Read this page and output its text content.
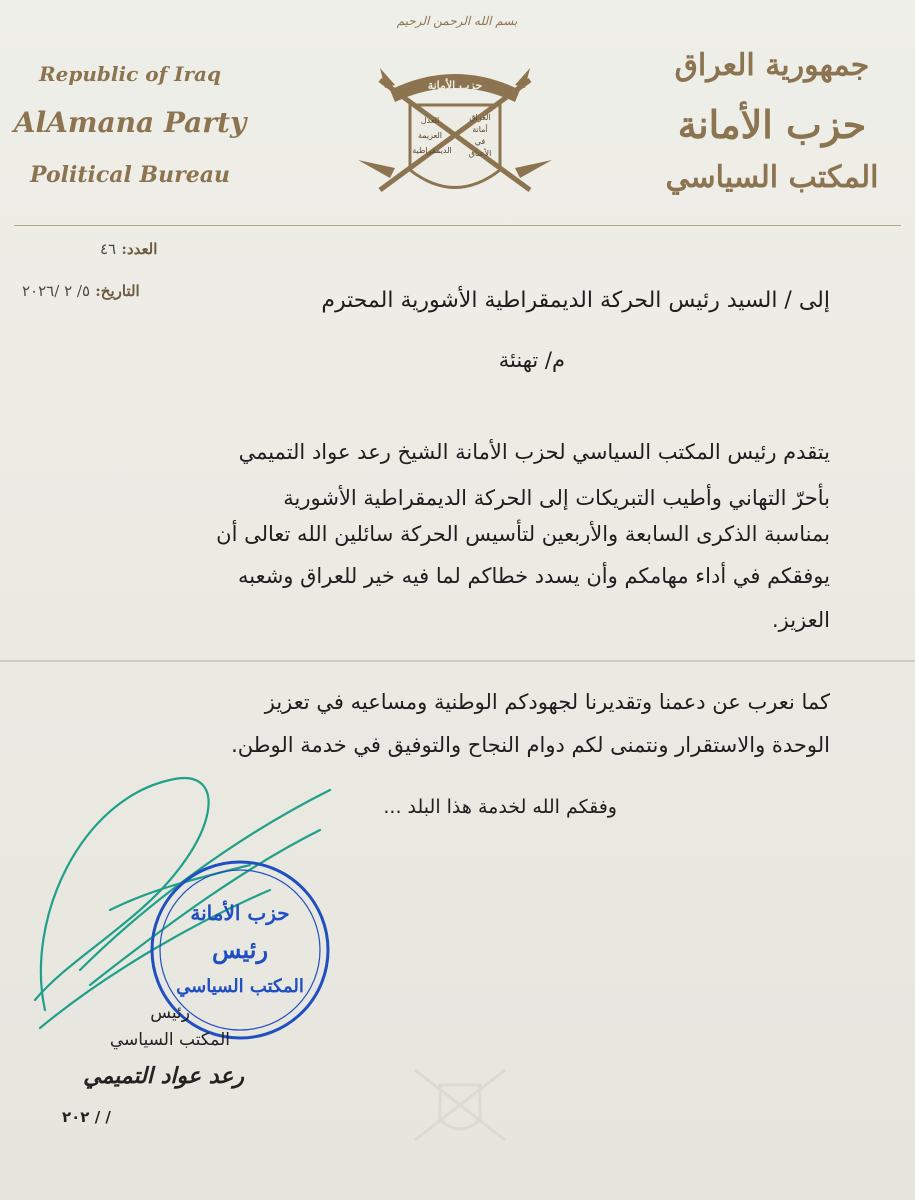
بسم الله الرحمن الرحيم
Republic of Iraq
AlAmana Party
Political Bureau
جمهورية العراق
حزب الأمانة
المكتب السياسي
حزب الأمانة
العدل
العزيمة
الديمقراطية
العراق
أمانة
في
الأعناق
العدد: ٤٦
التاريخ: ٥/ ٢ /٢٠٢٦	إلى / السيد رئيس الحركة الديمقراطية الأشورية المحترم
م/ تهنئة
يتقدم رئيس المكتب السياسي لحزب الأمانة الشيخ رعد عواد التميمي
بأحرّ التهاني وأطيب التبريكات إلى الحركة الديمقراطية الأشورية
بمناسبة الذكرى السابعة والأربعين لتأسيس الحركة سائلين الله تعالى أن
يوفقكم في أداء مهامكم وأن يسدد خطاكم لما فيه خير للعراق وشعبه
العزيز.
كما نعرب عن دعمنا وتقديرنا لجهودكم الوطنية ومساعيه في تعزيز
الوحدة والاستقرار ونتمنى لكم دوام النجاح والتوفيق في خدمة الوطن.
وفقكم الله لخدمة هذا البلد ...
حزب الأمانة
رئيس
المكتب السياسي
رئيس
المكتب السياسي
رعد عواد التميمي
/ / ٢٠٢
